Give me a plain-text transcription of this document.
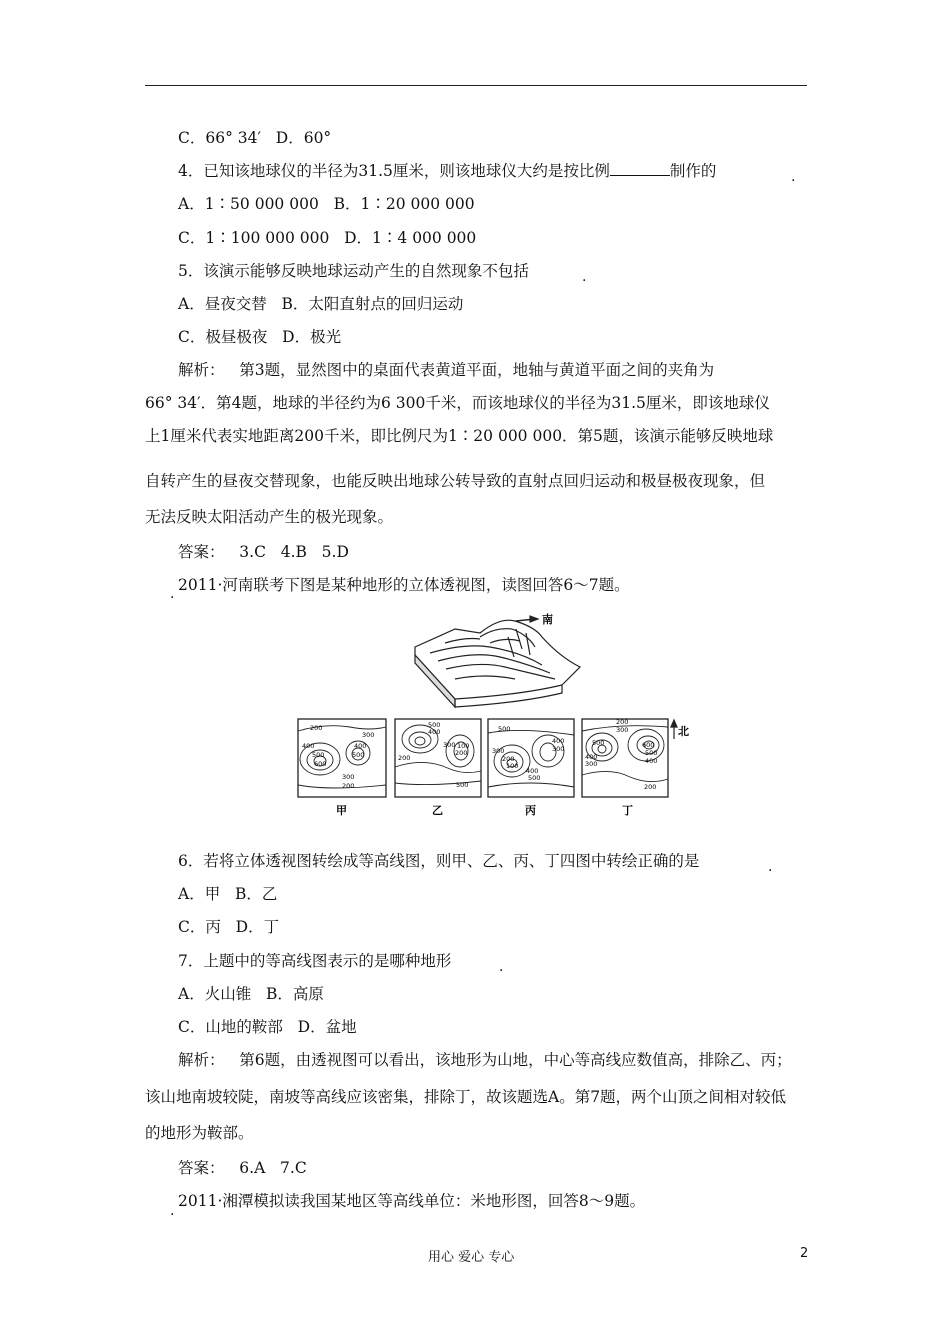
C．66° 34′   D．60°
4．已知该地球仪的半径为31.5厘米，则该地球仪大约是按比例	制作的	.
A．1∶50 000 000   B．1∶20 000 000
C．1∶100 000 000   D．1∶4 000 000
5．该演示能够反映地球运动产生的自然现象不包括	.
A．昼夜交替   B．太阳直射点的回归运动
C．极昼极夜   D．极光
解析：   第3题，显然图中的桌面代表黄道平面，地轴与黄道平面之间的夹角为
66° 34′．第4题，地球的半径约为6 300千米，而该地球仪的半径为31.5厘米，即该地球仪
上1厘米代表实地距离200千米，即比例尺为1∶20 000 000．第5题，该演示能够反映地球
自转产生的昼夜交替现象，也能反映出地球公转导致的直射点回归运动和极昼极夜现象，但
无法反映太阳活动产生的极光现象。
答案：   3.C   4.B   5.D
. 2011·河南联考下图是某种地形的立体透视图，读图回答6～7题。
南
200
300
400
500
600
400
500
300
200
甲
500
400
300
200
100
200
500
乙
500
300
200
100
400
300
400
500
丙
200
300
500
400
300
600
500
400
200
丁
北
6．若将立体透视图转绘成等高线图，则甲、乙、丙、丁四图中转绘正确的是	.
A．甲   B．乙
C．丙   D．丁
7．上题中的等高线图表示的是哪种地形	.
A．火山锥   B．高原
C．山地的鞍部   D．盆地
解析：   第6题，由透视图可以看出，该地形为山地，中心等高线应数值高，排除乙、丙；
该山地南坡较陡，南坡等高线应该密集，排除丁，故该题选A。第7题，两个山顶之间相对较低
的地形为鞍部。
答案：   6.A   7.C
.
2011·湘潭模拟读我国某地区等高线单位：米地形图，回答8～9题。
用心 爱心 专心	2
